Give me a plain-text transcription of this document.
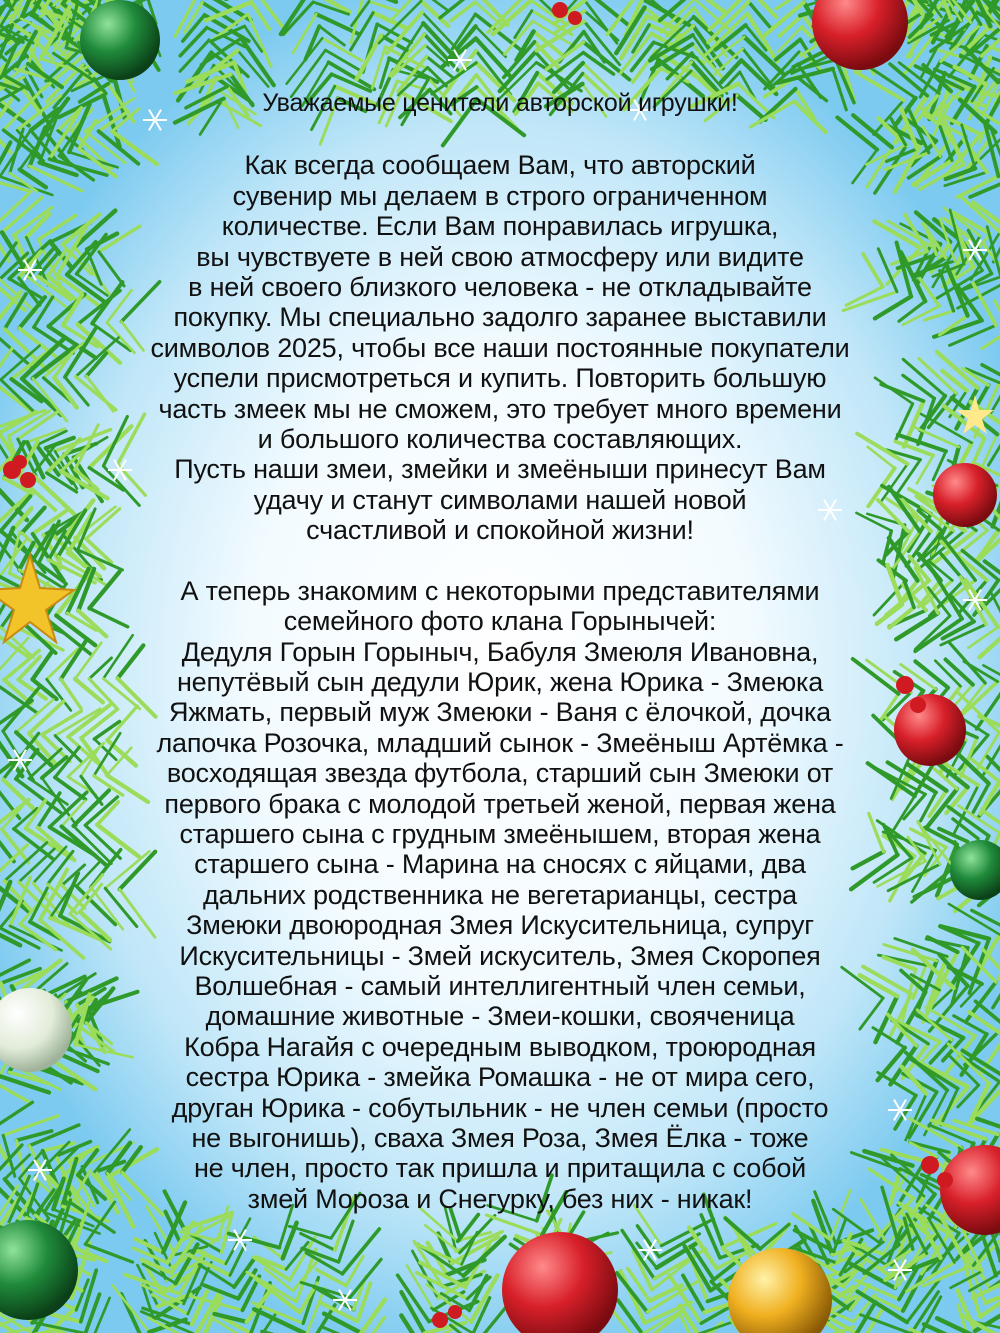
Уважаемые ценители авторской игрушки!

Как всегда сообщаем Вам, что авторский

сувенир мы делаем в строго ограниченном

количестве. Если Вам понравилась игрушка,

вы чувствуете в ней свою атмосферу или видите

в ней своего близкого человека - не откладывайте

покупку. Мы специально задолго заранее выставили

символов 2025, чтобы все наши постоянные покупатели

успели присмотреться и купить. Повторить большую

часть змеек мы не сможем, это требует много времени

и большого количества составляющих.

Пусть наши змеи, змейки и змеёныши принесут Вам

удачу и станут символами нашей новой

счастливой и спокойной жизни!

А теперь знакомим с некоторыми представителями

семейного фото клана Горынычей:

Дедуля Горын Горыныч, Бабуля Змеюля Ивановна,

непутёвый сын дедули Юрик, жена Юрика - Змеюка

Яжмать, первый муж Змеюки - Ваня с ёлочкой, дочка

лапочка Розочка, младший сынок - Змеёныш Артёмка -

восходящая звезда футбола, старший сын Змеюки от

первого брака с молодой третьей женой, первая жена

старшего сына с грудным змеёнышем, вторая жена

старшего сына - Марина на сносях с яйцами, два

дальних родственника не вегетарианцы, сестра

Змеюки двоюродная Змея Искусительница, супруг

Искусительницы - Змей искуситель, Змея Скоропея

Волшебная - самый интеллигентный член семьи,

домашние животные - Змеи-кошки, свояченица

Кобра Нагайя с очередным выводком, троюродная

сестра Юрика - змейка Ромашка - не от мира сего,

друган Юрика - собутыльник - не член семьи (просто

не выгонишь), сваха Змея Роза, Змея Ёлка - тоже

не член, просто так пришла и притащила с собой

змей Мороза и Снегурку, без них - никак!
